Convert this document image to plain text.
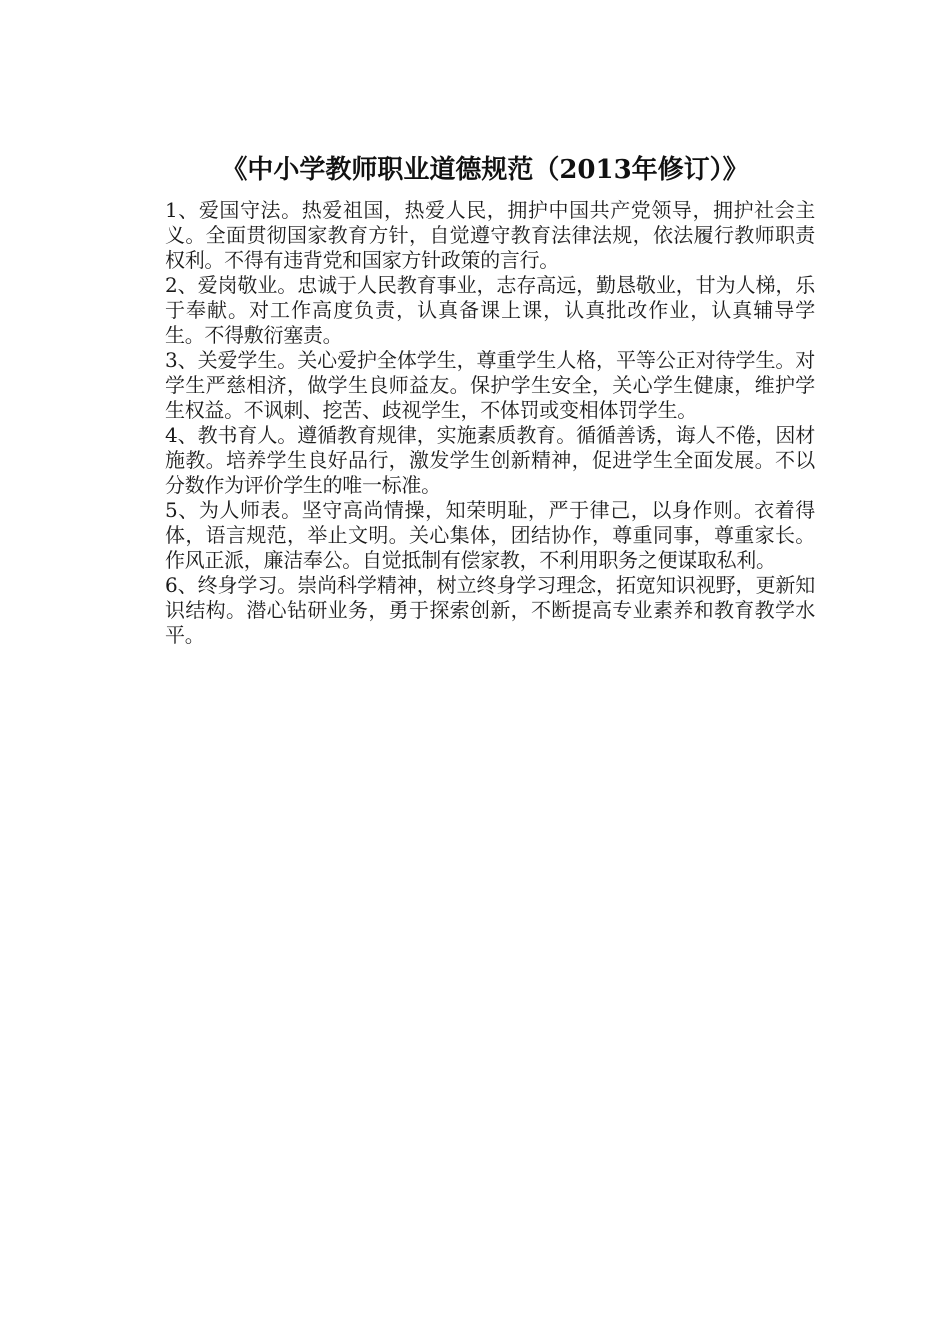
《中小学教师职业道德规范（2013年修订）》

1、爱国守法。热爱祖国，热爱人民，拥护中国共产党领导，拥护社会主义。全面贯彻国家教育方针，自觉遵守教育法律法规，依法履行教师职责权利。不得有违背党和国家方针政策的言行。

2、爱岗敬业。忠诚于人民教育事业，志存高远，勤恳敬业，甘为人梯，乐于奉献。对工作高度负责，认真备课上课，认真批改作业，认真辅导学生。不得敷衍塞责。

3、关爱学生。关心爱护全体学生，尊重学生人格，平等公正对待学生。对学生严慈相济，做学生良师益友。保护学生安全，关心学生健康，维护学生权益。不讽刺、挖苦、歧视学生，不体罚或变相体罚学生。

4、教书育人。遵循教育规律，实施素质教育。循循善诱，诲人不倦，因材施教。培养学生良好品行，激发学生创新精神，促进学生全面发展。不以分数作为评价学生的唯一标准。

5、为人师表。坚守高尚情操，知荣明耻，严于律己，以身作则。衣着得体，语言规范，举止文明。关心集体，团结协作，尊重同事，尊重家长。作风正派，廉洁奉公。自觉抵制有偿家教，不利用职务之便谋取私利。

6、终身学习。崇尚科学精神，树立终身学习理念，拓宽知识视野，更新知识结构。潜心钻研业务，勇于探索创新，不断提高专业素养和教育教学水平。
